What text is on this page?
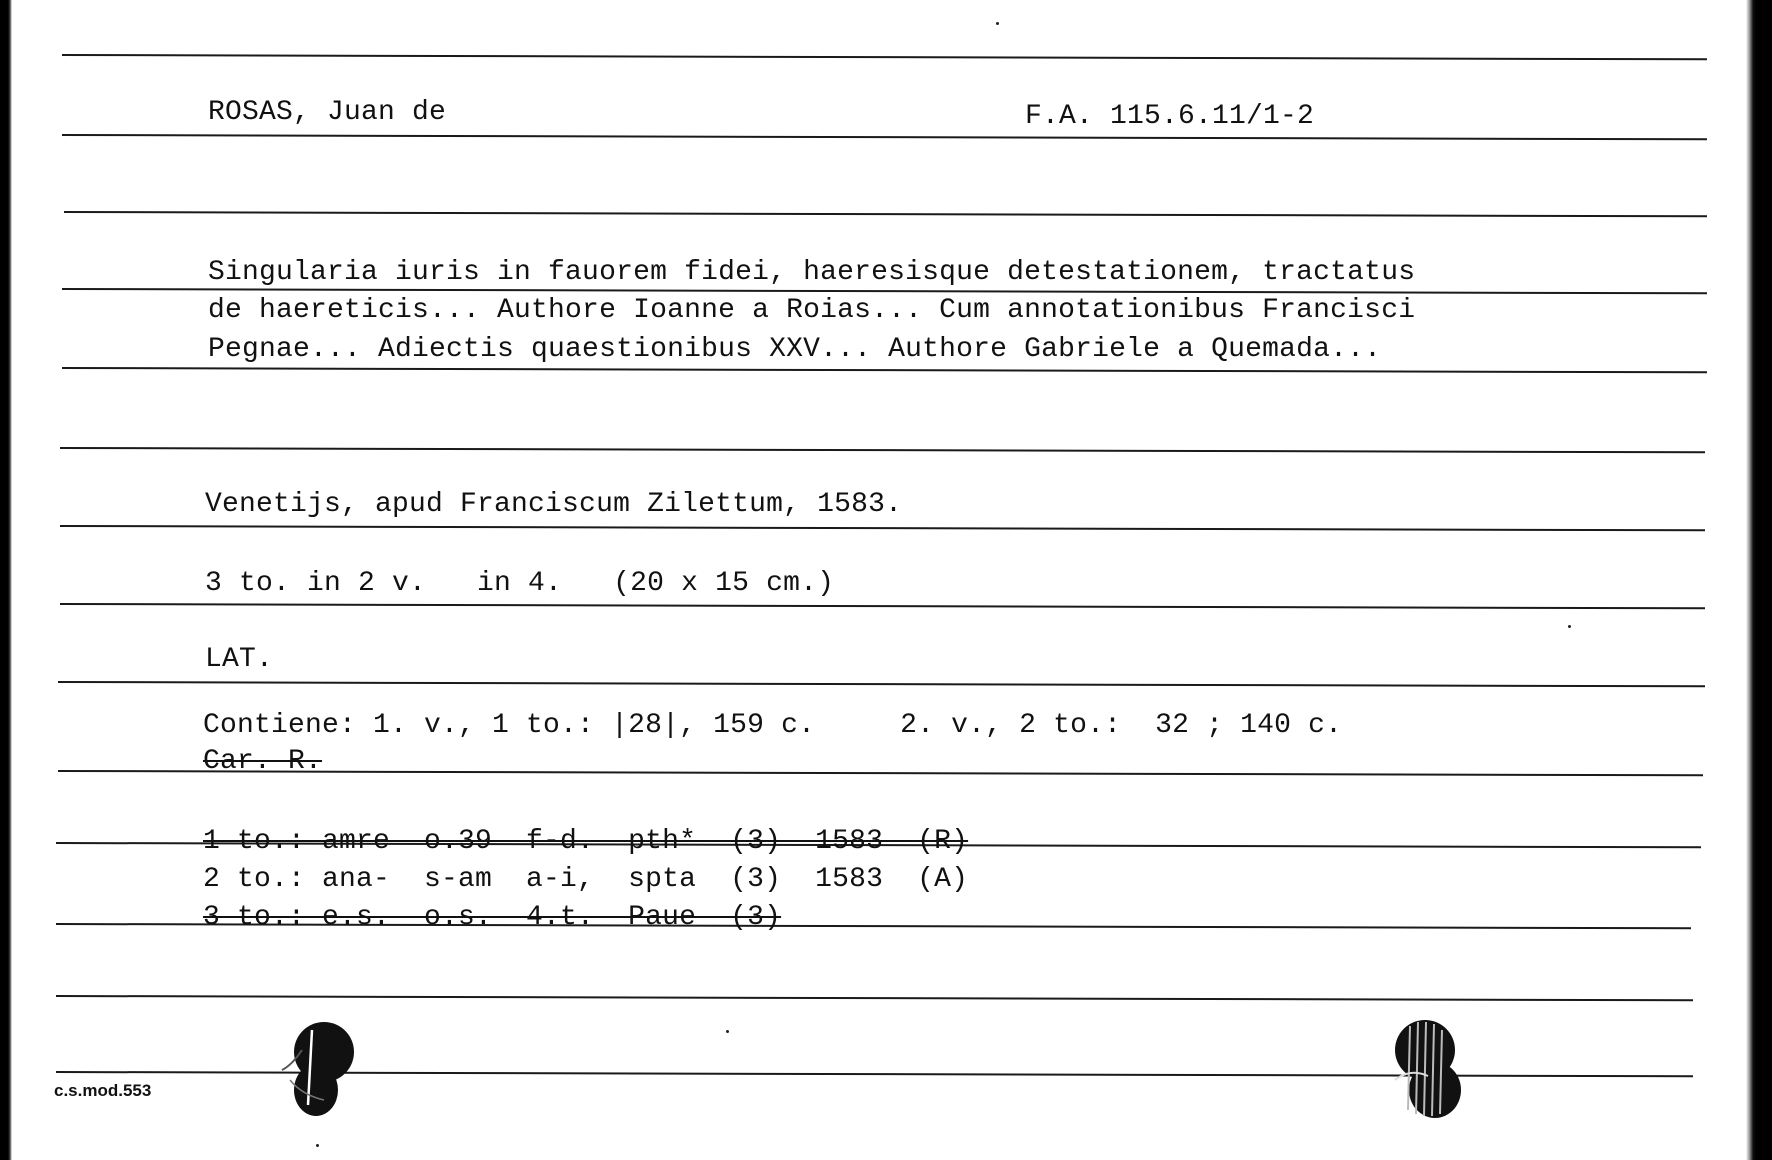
ROSAS, Juan de	F.A. 115.6.11/1-2
Singularia iuris in fauorem fidei, haeresisque detestationem, tractatus
de haereticis... Authore Ioanne a Roias... Cum annotationibus Francisci
Pegnae... Adiectis quaestionibus XXV... Authore Gabriele a Quemada...
Venetijs, apud Franciscum Zilettum, 1583.
3 to. in 2 v.   in 4.   (20 x 15 cm.)
LAT.
Contiene: 1. v., 1 to.: |28|, 159 c.     2. v., 2 to.:  32 ; 140 c.
Car. R.
1 to.: amre  o.39  f-d.  pth*  (3)  1583  (R)
2 to.: ana-  s-am  a-i,  spta  (3)  1583  (A)
3 to.: e.s.  o.s.  4.t.  Paue  (3)
c.s.mod.553
